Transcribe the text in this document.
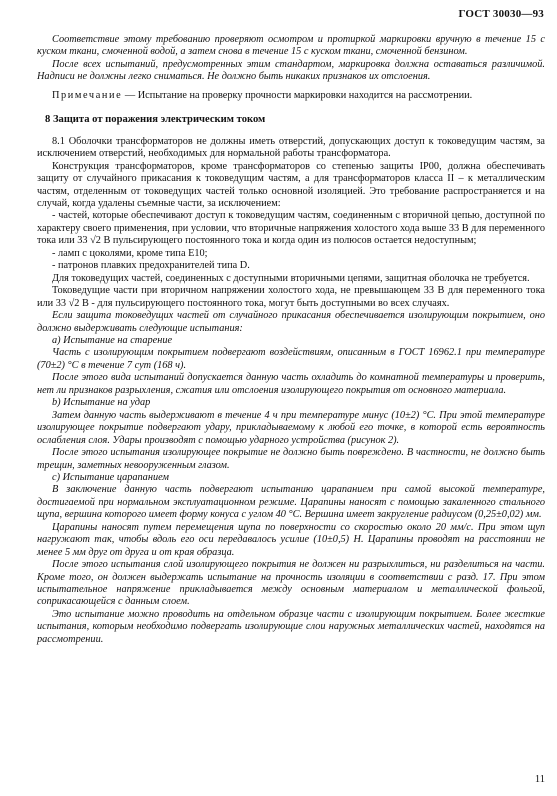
ГОСТ 30030—93

Соответствие этому требованию проверяют осмотром и протиркой маркировки вручную в течение 15 с куском ткани, смоченной водой, а затем снова в течение 15 с куском ткани, смоченной бензином.

После всех испытаний, предусмотренных этим стандартом, маркировка должна оставаться различимой. Надписи не должны легко сниматься. Не должно быть никаких признаков их отслоения.

Примечание — Испытание на проверку прочности маркировки находится на рассмотрении.

8 Защита от поражения электрическим током

8.1 Оболочки трансформаторов не должны иметь отверстий, допускающих доступ к токоведущим частям, за исключением отверстий, необходимых для нормальной работы трансформатора.

Конструкция трансформаторов, кроме трансформаторов со степенью защиты IP00, должна обеспечивать защиту от случайного прикасания к токоведущим частям, а для трансформаторов класса II – к металлическим частям, отделенным от токоведущих частей только основной изоляцией. Это требование распространяется и на случай, когда удалены съемные части, за исключением:

- частей, которые обеспечивают доступ к токоведущим частям, соединенным с вторичной цепью, доступной по характеру своего применения, при условии, что вторичные напряжения холостого хода выше 33 В для переменного тока или 33 √2 В пульсирующего постоянного тока и когда один из полюсов остается недоступным;

- ламп с цоколями, кроме типа Е10;

- патронов плавких предохранителей типа D.

Для токоведущих частей, соединенных с доступными вторичными цепями, защитная оболочка не требуется.

Токоведущие части при вторичном напряжении холостого хода, не превышающем 33 В для переменного тока или 33 √2 В - для пульсирующего постоянного тока, могут быть доступными во всех случаях.

Если защита токоведущих частей от случайного прикасания обеспечивается изолирующим покрытием, оно должно выдерживать следующие испытания:

а) Испытание на старение

Часть с изолирующим покрытием подвергают воздействиям, описанным в ГОСТ 16962.1 при температуре (70±2) °С в течение 7 сут (168 ч).

После этого вида испытаний допускается данную часть охладить до комнатной температуры и проверить, нет ли признаков разрыхления, сжатия или отслоения изолирующего покрытия от основного материала.

b) Испытание на удар

Затем данную часть выдерживают в течение 4 ч при температуре минус (10±2) °С. При этой температуре изолирующее покрытие подвергают удару, прикладываемому к любой его точке, в которой есть вероятность ослабления слоя. Удары производят с помощью ударного устройства (рисунок 2).

После этого испытания изолирующее покрытие не должно быть повреждено. В частности, не должно быть трещин, заметных невооруженным глазом.

с) Испытание царапанием

В заключение данную часть подвергают испытанию царапанием при самой высокой температуре, достигаемой при нормальном эксплуатационном режиме. Царапины наносят с помощью закаленного стального щупа, вершина которого имеет форму конуса с углом 40 °С. Вершина имеет закругление радиусом (0,25±0,02) мм.

Царапины наносят путем перемещения щупа по поверхности со скоростью около 20 мм/с. При этом щуп нагружают так, чтобы вдоль его оси передавалось усилие (10±0,5) Н. Царапины проводят на расстоянии не менее 5 мм друг от друга и от края образца.

После этого испытания слой изолирующего покрытия не должен ни разрыхлиться, ни разделиться на части. Кроме того, он должен выдержать испытание на прочность изоляции в соответствии с разд. 17. При этом испытательное напряжение прикладывается между основным материалом и металлической фольгой, соприкасающейся с данным слоем.

Это испытание можно проводить на отдельном образце части с изолирующим покрытием. Более жесткие испытания, которым необходимо подвергать изолирующие слои наружных металлических частей, находятся на рассмотрении.

11
